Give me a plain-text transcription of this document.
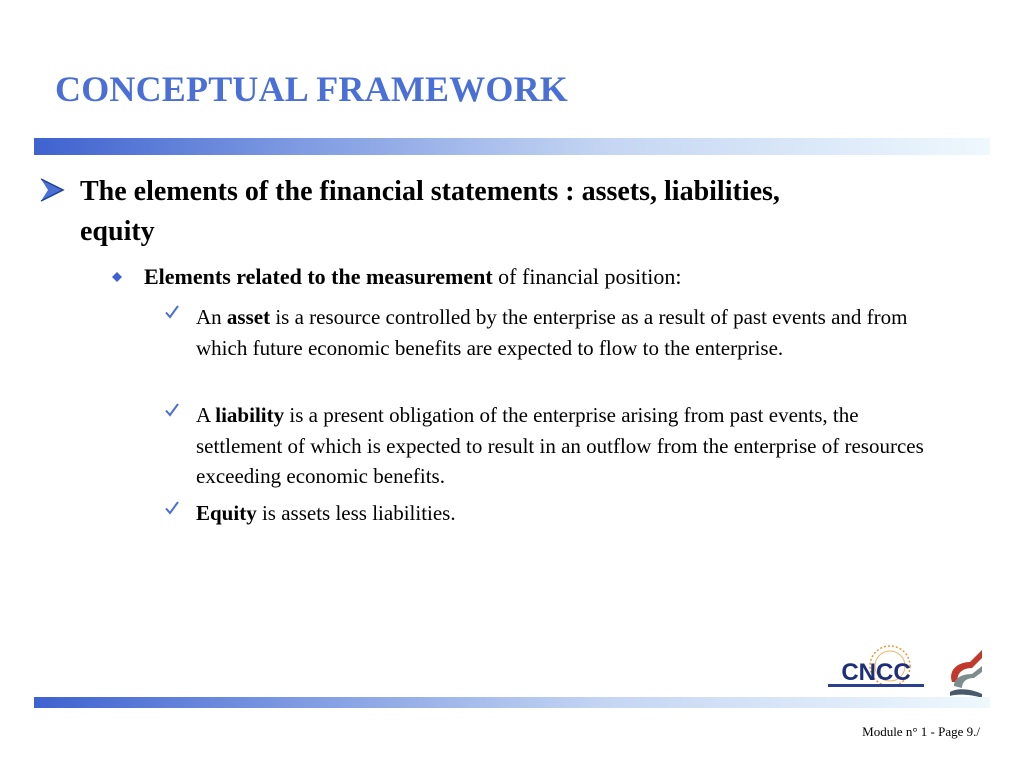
CONCEPTUAL FRAMEWORK
The elements of the financial statements : assets, liabilities, equity
Elements related to the measurement of financial position:
An asset is a resource controlled by the enterprise as a result of past events and from which future economic benefits are expected to flow to the enterprise.
A liability is a present obligation of the enterprise arising from past events, the settlement of which is expected to result in an outflow from the enterprise of resources exceeding economic benefits.
Equity is assets less liabilities.
CNCC
Module n° 1 - Page 9./
